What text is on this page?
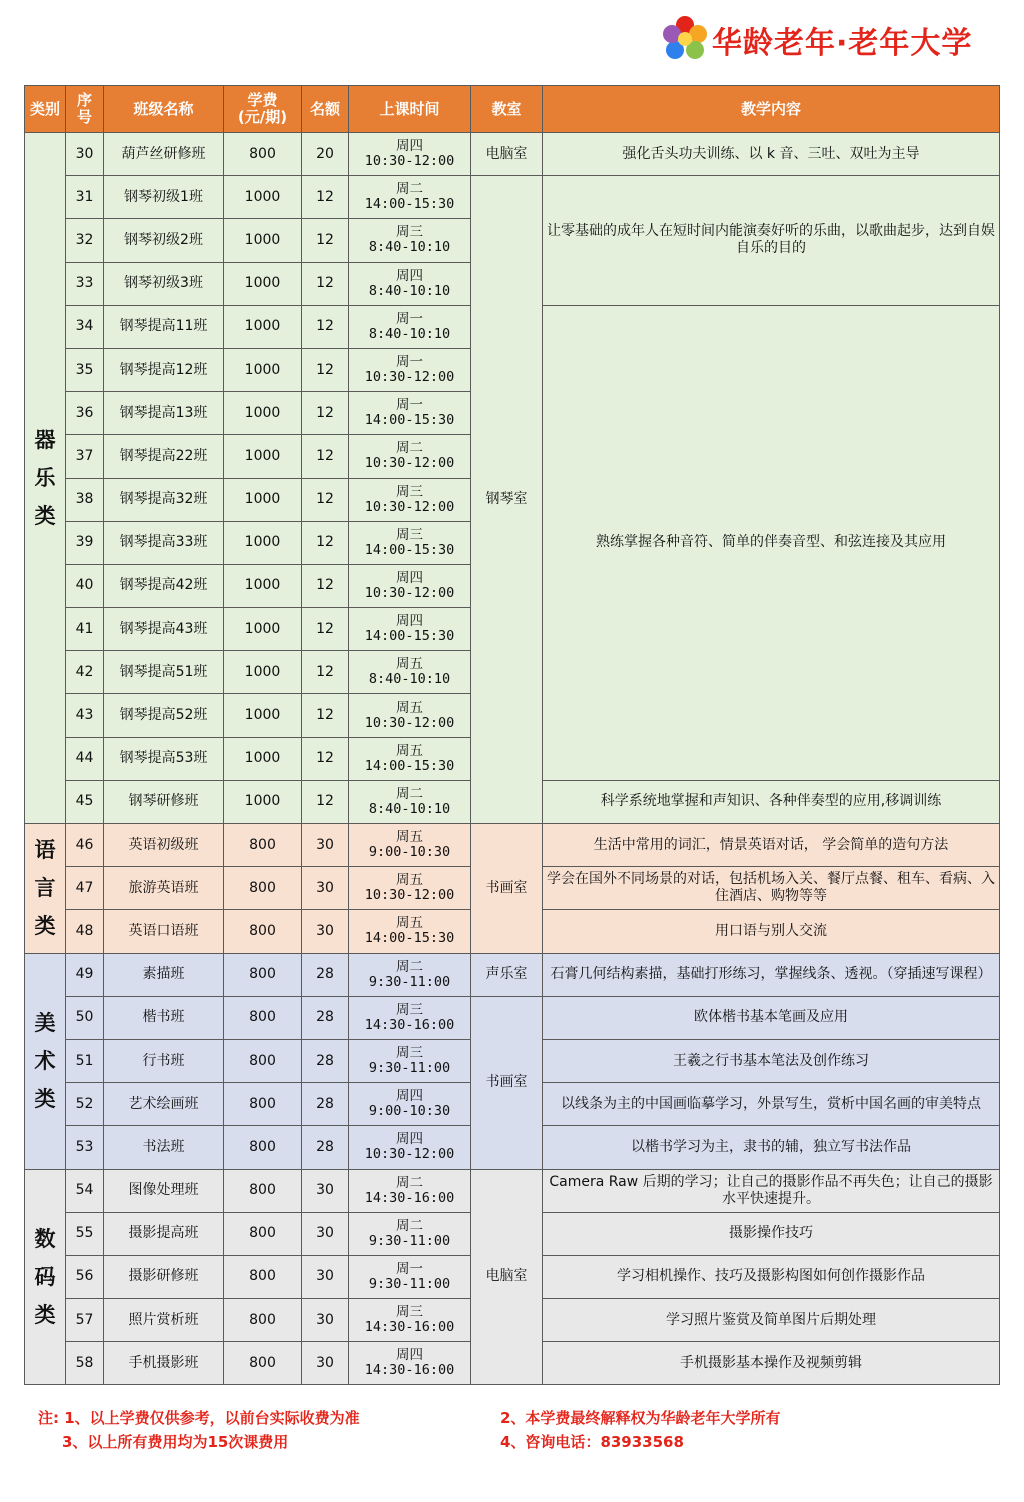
华龄老年·老年大学
类别	序
号	班级名称	学费
(元/期)	名额	上课时间	教室	教学内容
器
乐
类	30	葫芦丝研修班	800	20	周四
10:30-12:00	电脑室	强化舌头功夫训练、以 k 音、三吐、双吐为主导
	31	钢琴初级1班	1000	12	周二
14:00-15:30	钢琴室	让零基础的成年人在短时间内能演奏好听的乐曲，以歌曲起步，达到自娱自乐的目的
	32	钢琴初级2班	1000	12	周三
8:40-10:10		
	33	钢琴初级3班	1000	12	周四
8:40-10:10		
	34	钢琴提高11班	1000	12	周一
8:40-10:10		熟练掌握各种音符、简单的伴奏音型、和弦连接及其应用
	35	钢琴提高12班	1000	12	周一
10:30-12:00		
	36	钢琴提高13班	1000	12	周一
14:00-15:30		
	37	钢琴提高22班	1000	12	周二
10:30-12:00		
	38	钢琴提高32班	1000	12	周三
10:30-12:00		
	39	钢琴提高33班	1000	12	周三
14:00-15:30		
	40	钢琴提高42班	1000	12	周四
10:30-12:00		
	41	钢琴提高43班	1000	12	周四
14:00-15:30		
	42	钢琴提高51班	1000	12	周五
8:40-10:10		
	43	钢琴提高52班	1000	12	周五
10:30-12:00		
	44	钢琴提高53班	1000	12	周五
14:00-15:30		
	45	钢琴研修班	1000	12	周二
8:40-10:10		科学系统地掌握和声知识、各种伴奏型的应用,移调训练
语
言
类	46	英语初级班	800	30	周五
9:00-10:30	书画室	生活中常用的词汇，情景英语对话， 学会简单的造句方法
	47	旅游英语班	800	30	周五
10:30-12:00		学会在国外不同场景的对话，包括机场入关、餐厅点餐、租车、看病、入住酒店、购物等等
	48	英语口语班	800	30	周五
14:00-15:30		用口语与别人交流
美
术
类	49	素描班	800	28	周二
9:30-11:00	声乐室	石膏几何结构素描，基础打形练习，掌握线条、透视。（穿插速写课程）
	50	楷书班	800	28	周三
14:30-16:00	书画室	欧体楷书基本笔画及应用
	51	行书班	800	28	周三
9:30-11:00		王羲之行书基本笔法及创作练习
	52	艺术绘画班	800	28	周四
9:00-10:30		以线条为主的中国画临摹学习，外景写生，赏析中国名画的审美特点
	53	书法班	800	28	周四
10:30-12:00		以楷书学习为主，隶书的辅，独立写书法作品
数
码
类	54	图像处理班	800	30	周二
14:30-16:00	电脑室	Camera Raw 后期的学习；让自己的摄影作品不再失色；让自己的摄影水平快速提升。
	55	摄影提高班	800	30	周二
9:30-11:00		摄影操作技巧
	56	摄影研修班	800	30	周一
9:30-11:00		学习相机操作、技巧及摄影构图如何创作摄影作品
	57	照片赏析班	800	30	周三
14:30-16:00		学习照片鉴赏及简单图片后期处理
	58	手机摄影班	800	30	周四
14:30-16:00		手机摄影基本操作及视频剪辑
注: 1、以上学费仅供参考，以前台实际收费为准	2、本学费最终解释权为华龄老年大学所有
3、以上所有费用均为15次课费用	4、咨询电话：83933568
